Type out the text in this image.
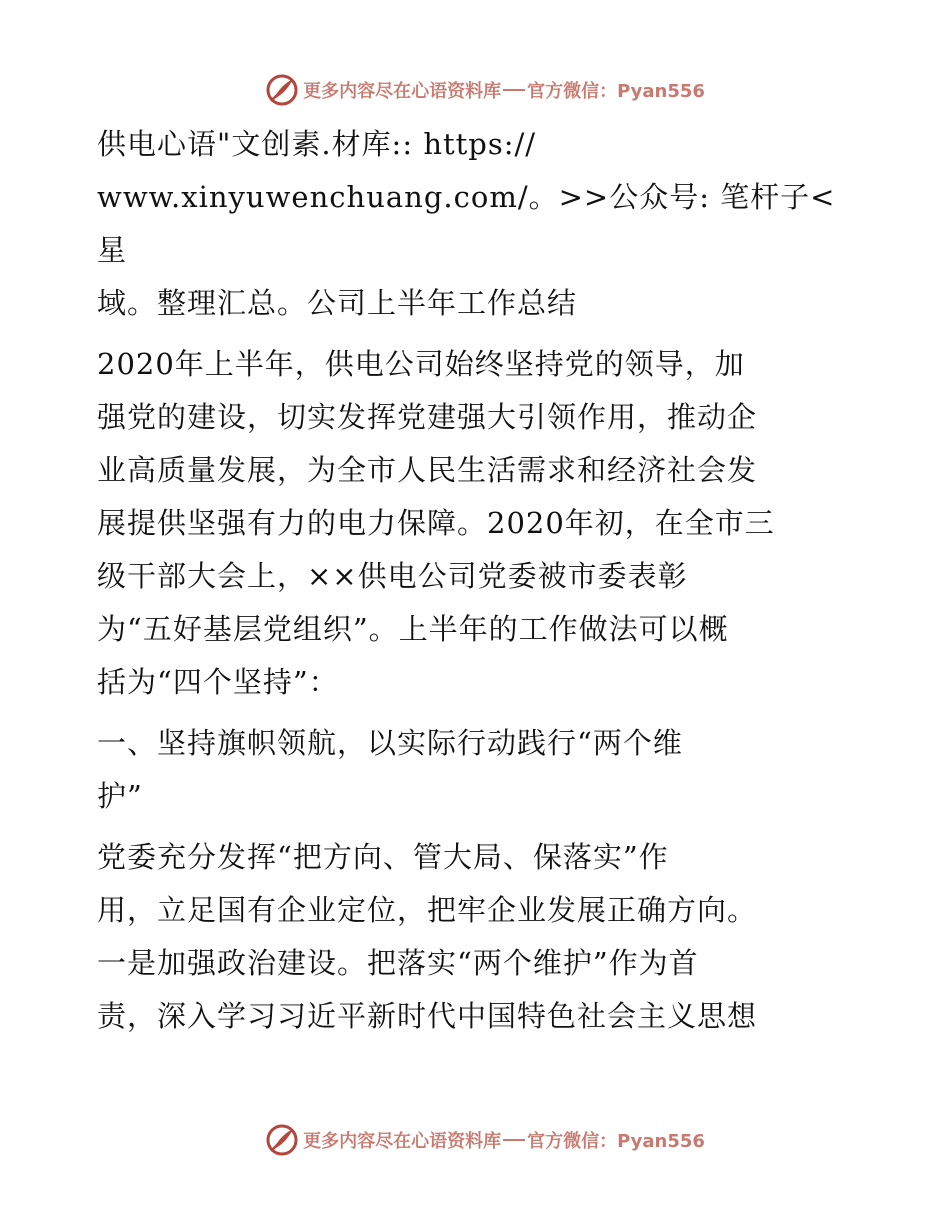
更多内容尽在心语资料库 官方微信：Pyan556

供电心语"文创素.材库:: https://

www.xinyuwenchuang.com/。>>公众号: 笔杆子<星

域。整理汇总。公司上半年工作总结

2020年上半年，供电公司始终坚持党的领导，加

强党的建设，切实发挥党建强大引领作用，推动企

业高质量发展，为全市人民生活需求和经济社会发

展提供坚强有力的电力保障。2020年初，在全市三

级干部大会上，××供电公司党委被市委表彰

为“五好基层党组织”。上半年的工作做法可以概

括为“四个坚持”：

一、坚持旗帜领航，以实际行动践行“两个维

护”

党委充分发挥“把方向、管大局、保落实”作

用，立足国有企业定位，把牢企业发展正确方向。

一是加强政治建设。把落实“两个维护”作为首

责，深入学习习近平新时代中国特色社会主义思想

更多内容尽在心语资料库 官方微信：Pyan556
